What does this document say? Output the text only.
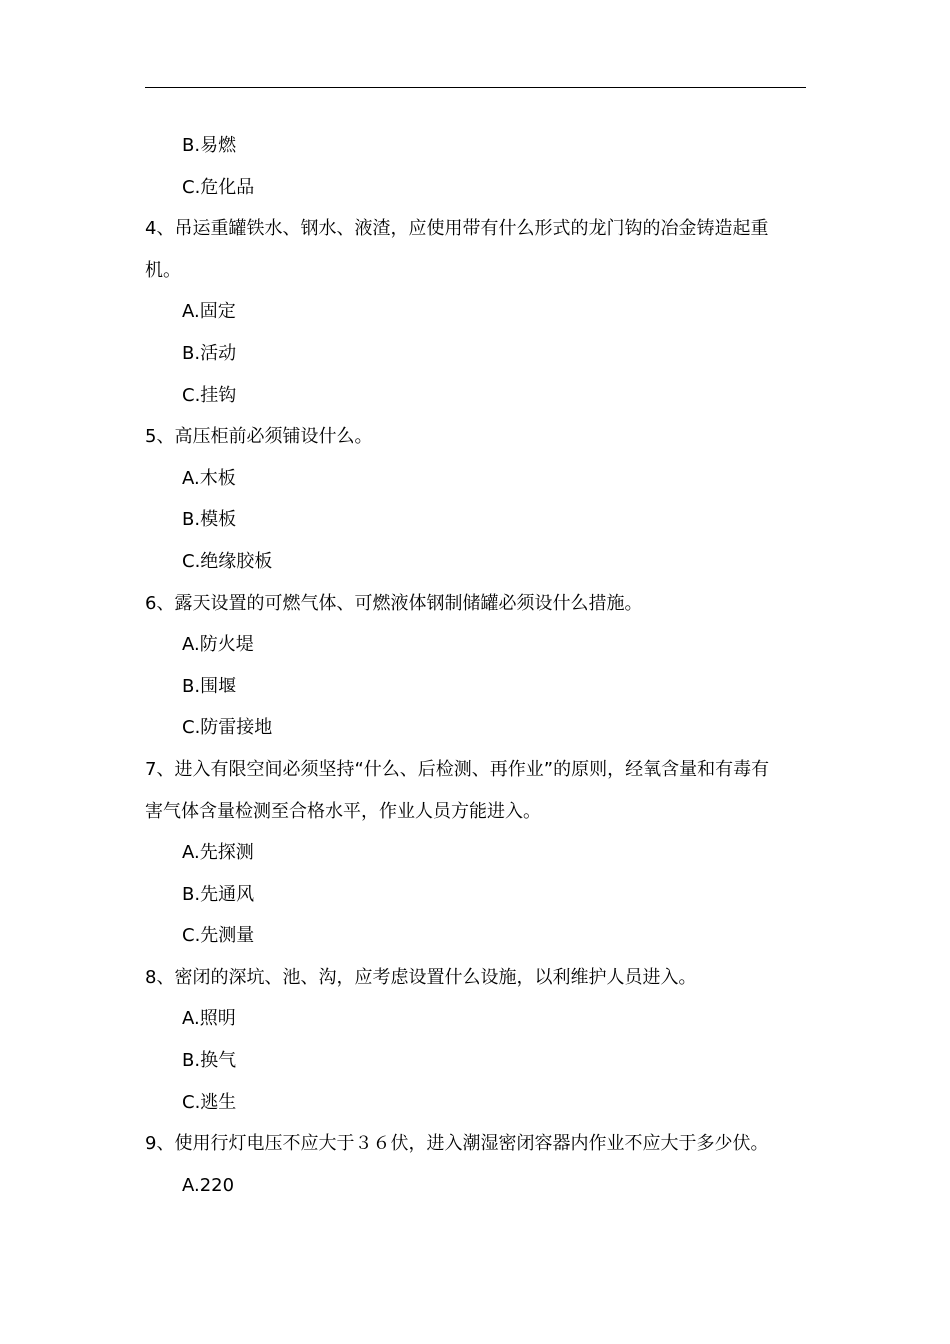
B.易燃
C.危化品
4、吊运重罐铁水、钢水、液渣，应使用带有什么形式的龙门钩的冶金铸造起重
机。
A.固定
B.活动
C.挂钩
5、高压柜前必须铺设什么。
A.木板
B.模板
C.绝缘胶板
6、露天设置的可燃气体、可燃液体钢制储罐必须设什么措施。
A.防火堤
B.围堰
C.防雷接地
7、进入有限空间必须坚持“什么、后检测、再作业”的原则，经氧含量和有毒有
害气体含量检测至合格水平，作业人员方能进入。
A.先探测
B.先通风
C.先测量
8、密闭的深坑、池、沟，应考虑设置什么设施，以利维护人员进入。
A.照明
B.换气
C.逃生
9、使用行灯电压不应大于３６伏，进入潮湿密闭容器内作业不应大于多少伏。
A.220
